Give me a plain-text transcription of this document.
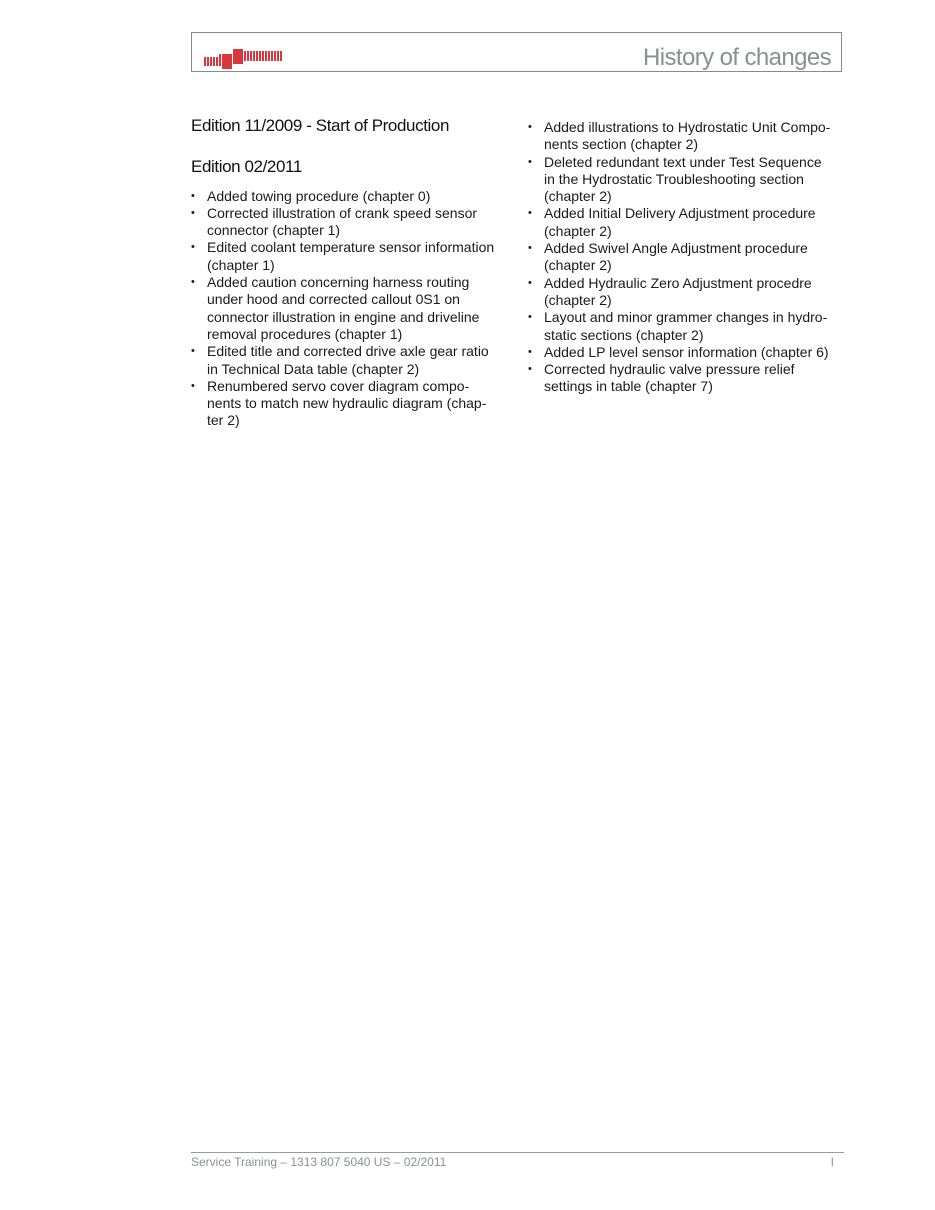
History of changes
Edition 11/2009 - Start of Production
Edition 02/2011
• Added towing procedure (chapter 0)
• Corrected illustration of crank speed sensor
connector (chapter 1)
• Edited coolant temperature sensor information
(chapter 1)
• Added caution concerning harness routing
under hood and corrected callout 0S1 on
connector illustration in engine and driveline
removal procedures (chapter 1)
• Edited title and corrected drive axle gear ratio
in Technical Data table (chapter 2)
• Renumbered servo cover diagram compo-
nents to match new hydraulic diagram (chap-
ter 2)
• Added illustrations to Hydrostatic Unit Compo-
nents section (chapter 2)
• Deleted redundant text under Test Sequence
in the Hydrostatic Troubleshooting section
(chapter 2)
• Added Initial Delivery Adjustment procedure
(chapter 2)
• Added Swivel Angle Adjustment procedure
(chapter 2)
• Added Hydraulic Zero Adjustment procedre
(chapter 2)
• Layout and minor grammer changes in hydro-
static sections (chapter 2)
• Added LP level sensor information (chapter 6)
• Corrected hydraulic valve pressure relief
settings in table (chapter 7)
Service Training – 1313 807 5040 US – 02/2011	I
